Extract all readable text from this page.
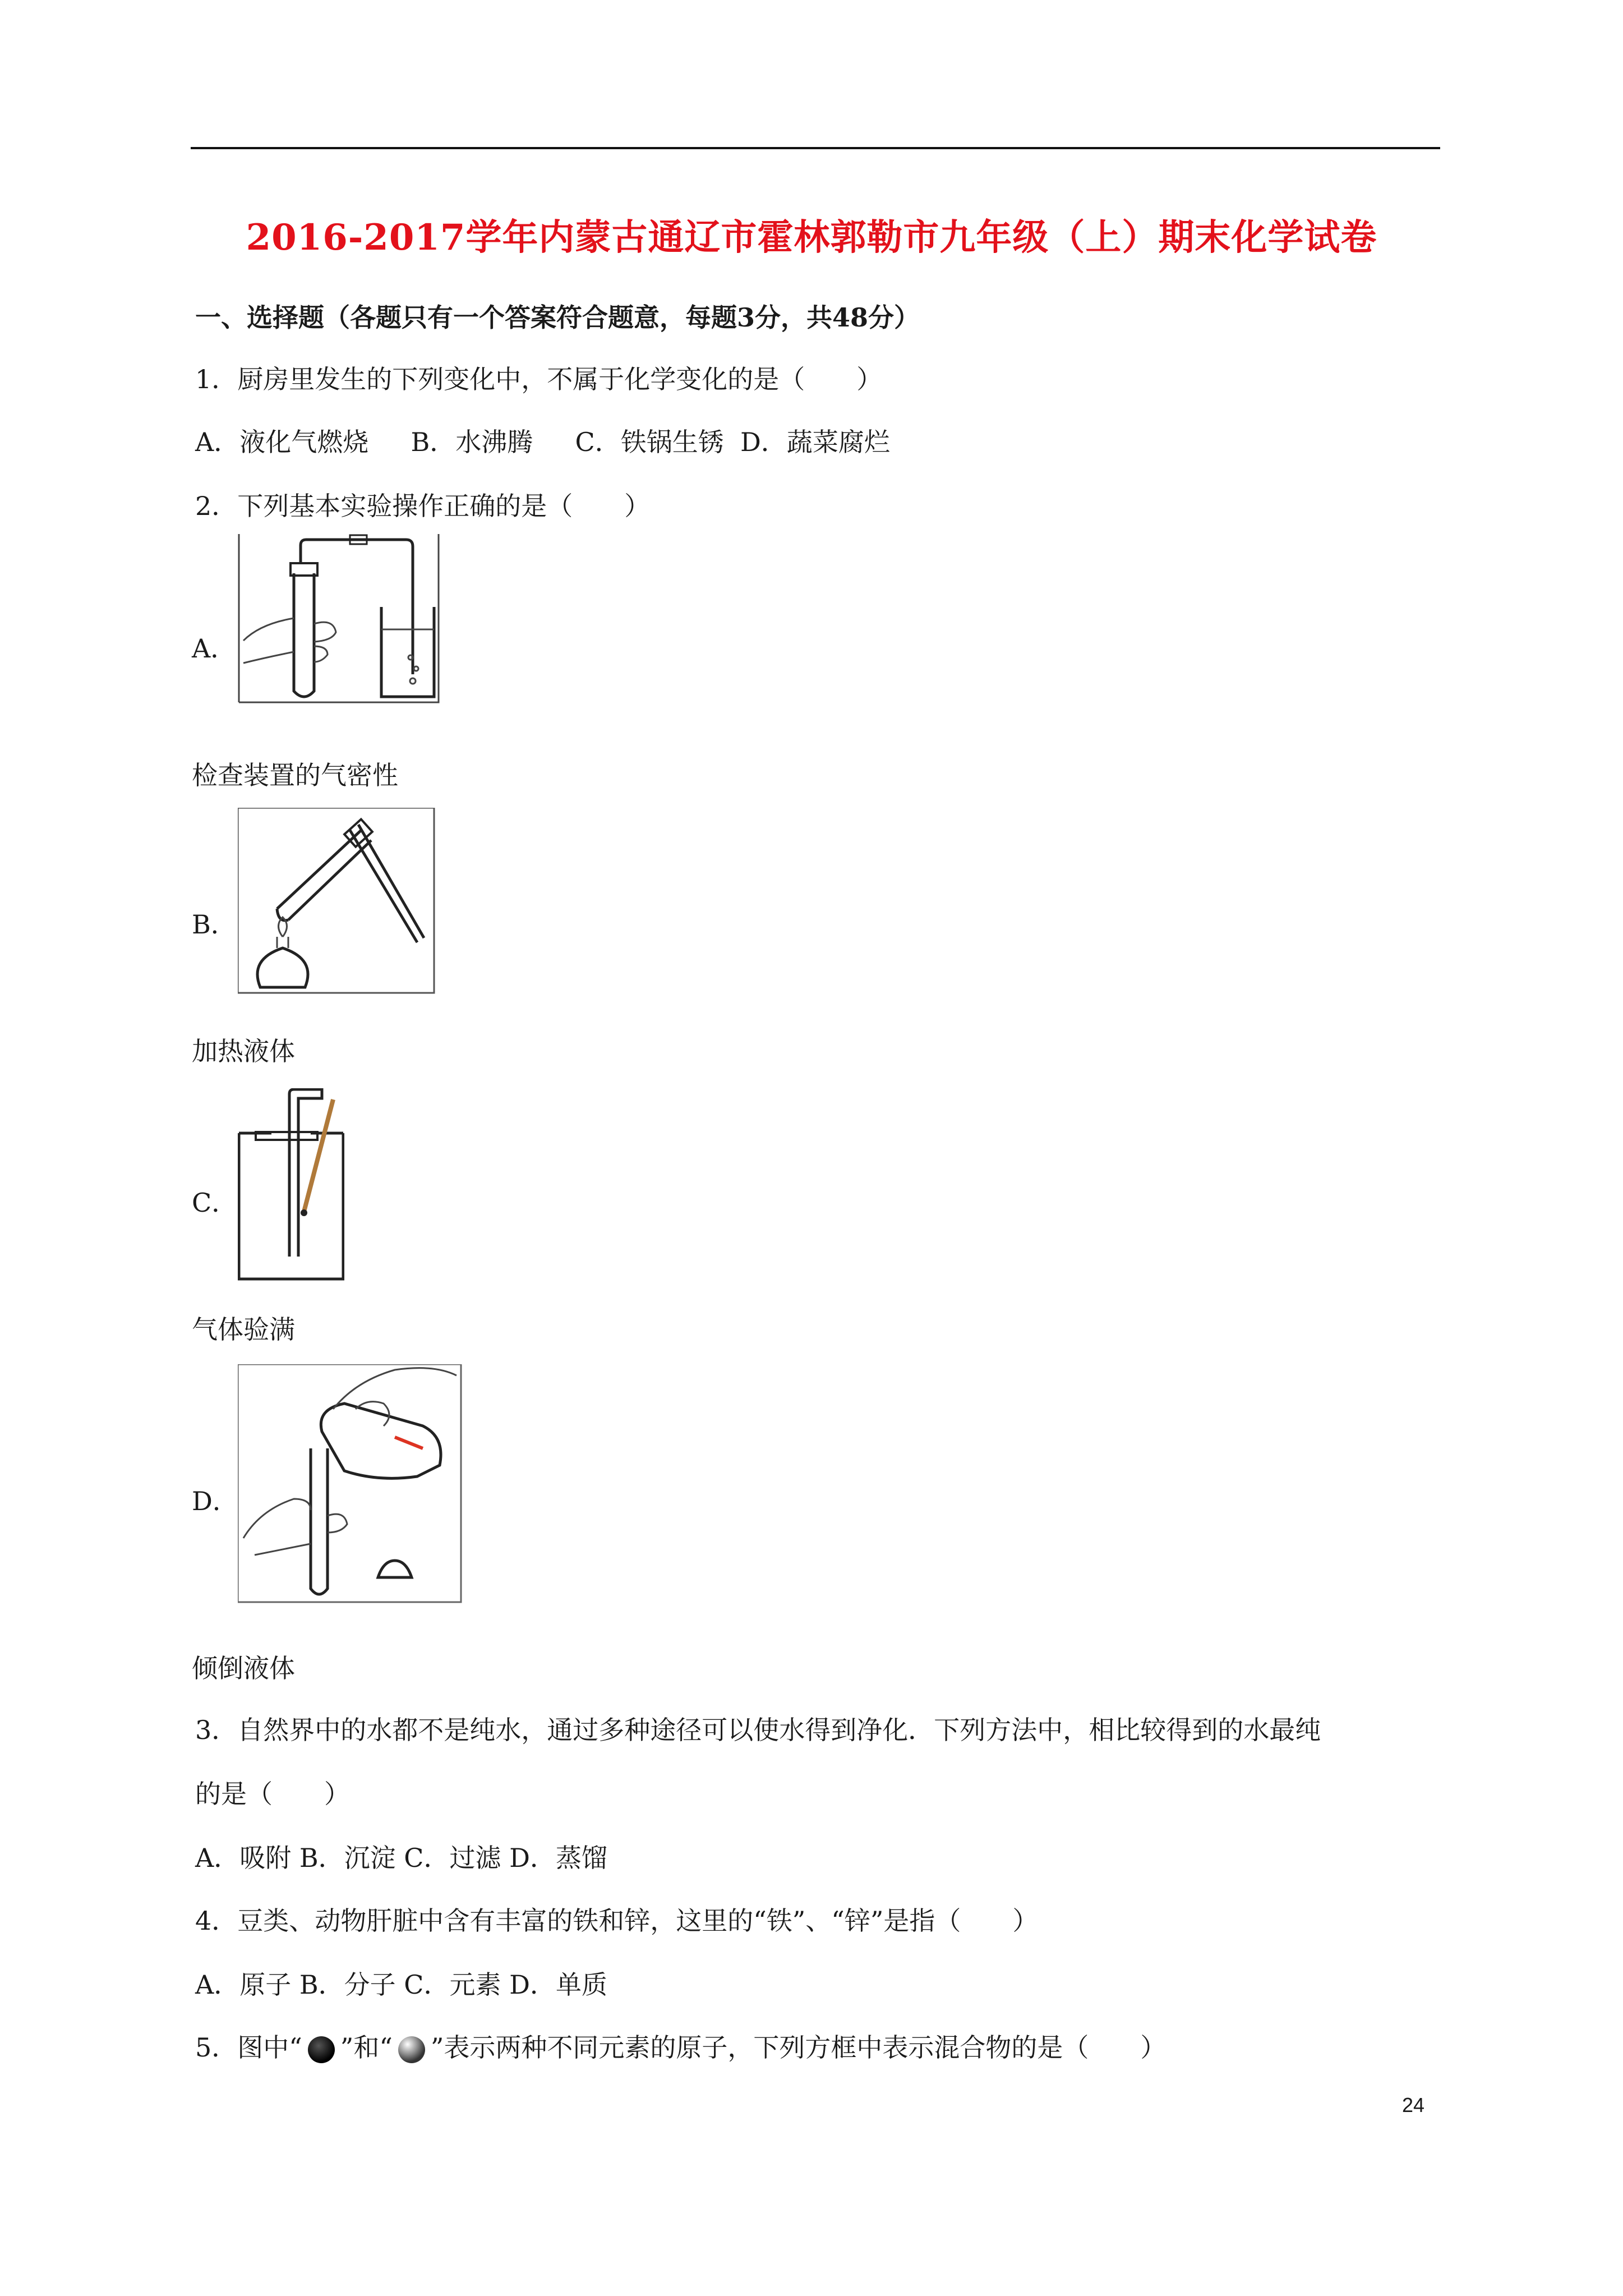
2016-2017学年内蒙古通辽市霍林郭勒市九年级（上）期末化学试卷
一、选择题（各题只有一个答案符合题意，每题3分，共48分）
1．厨房里发生的下列变化中，不属于化学变化的是（　　）
A．液化气燃烧　  B．水沸腾　  C．铁锅生锈  D．蔬菜腐烂
2．下列基本实验操作正确的是（　　）
A．
检查装置的气密性
B．
加热液体
C．
气体验满
D．
倾倒液体
3．自然界中的水都不是纯水，通过多种途径可以使水得到净化．下列方法中，相比较得到的水最纯
的是（　　）
A．吸附 B．沉淀 C．过滤 D．蒸馏
4．豆类、动物肝脏中含有丰富的铁和锌，这里的“铁”、“锌”是指（　　）
A．原子 B．分子 C．元素 D．单质
5．图中“ ”和“ ”表示两种不同元素的原子，下列方框中表示混合物的是（　　）
24
